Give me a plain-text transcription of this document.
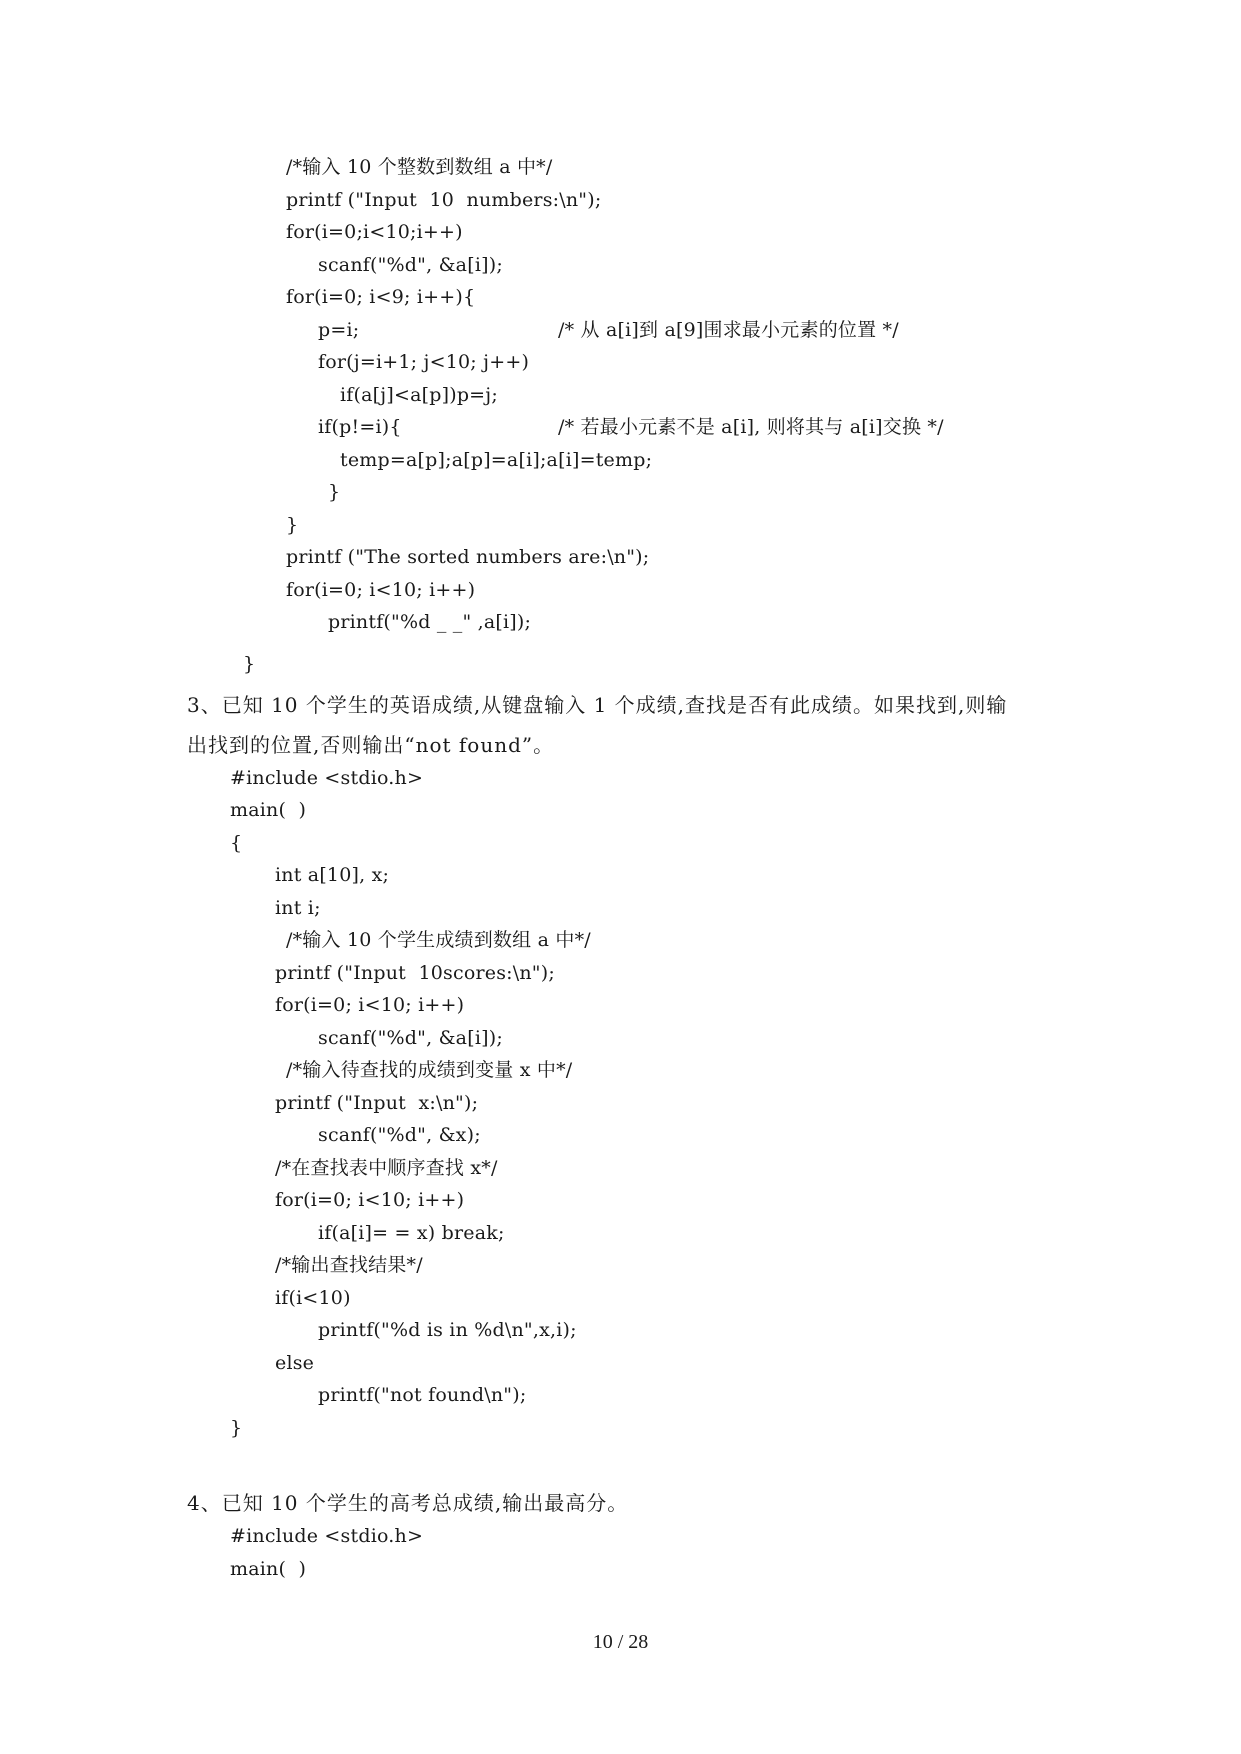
/*输入 10 个整数到数组 a 中*/
printf ("Input  10  numbers:\n");
for(i=0;i<10;i++)
scanf("%d", &a[i]);
for(i=0; i<9; i++){
p=i;	/* 从 a[i]到 a[9]围求最小元素的位置 */
for(j=i+1; j<10; j++)
if(a[j]<a[p])p=j;
if(p!=i){	/* 若最小元素不是 a[i], 则将其与 a[i]交换 */
temp=a[p];a[p]=a[i];a[i]=temp;
}
}
printf ("The sorted numbers are:\n");
for(i=0; i<10; i++)
printf("%d _ _" ,a[i]);
}
3、已知 10 个学生的英语成绩,从键盘输入 1 个成绩,查找是否有此成绩。如果找到,则输
出找到的位置,否则输出“not found”。
#include <stdio.h>
main(  )
{
int a[10], x;
int i;
/*输入 10 个学生成绩到数组 a 中*/
printf ("Input  10scores:\n");
for(i=0; i<10; i++)
scanf("%d", &a[i]);
/*输入待查找的成绩到变量 x 中*/
printf ("Input  x:\n");
scanf("%d", &x);
/*在查找表中顺序查找 x*/
for(i=0; i<10; i++)
if(a[i]= = x) break;
/*输出查找结果*/
if(i<10)
printf("%d is in %d\n",x,i);
else
printf("not found\n");
}
4、已知 10 个学生的高考总成绩,输出最高分。
#include <stdio.h>
main(  )
10 / 28
